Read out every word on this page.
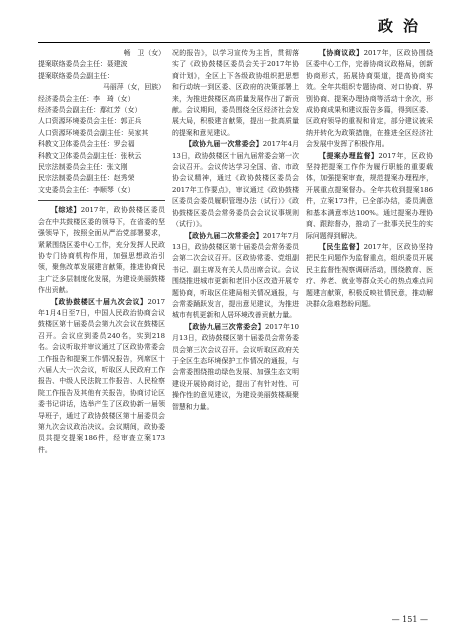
政治

畅　卫（女）

提案联络委员会主任：聂建波

提案联络委员会副主任：

马丽萍（女，回族）

经济委员会主任：李　琦（女）

经济委员会副主任：鄢红芳（女）

人口资源环境委员会主任：郭正兵

人口资源环境委员会副主任：吴家其

科教文卫体委员会主任：罗会福

科教文卫体委员会副主任：张秋云

民宗法制委员会主任：张文刚

民宗法制委员会副主任：赵秀荣

文史委员会主任：李顺琴（女）

【综述】2017年，政协鼓楼区委员会在中共鼓楼区委的领导下，在省委的坚强领导下，按照全面从严治党部署要求，紧紧围绕区委中心工作，充分发挥人民政协专门协商机构作用，加强思想政治引领，聚焦改革发展建言献策，推进协商民主广泛多层制度化发展，为建设美丽鼓楼作出贡献。

【政协鼓楼区十届九次会议】2017年1月4日至7日，中国人民政治协商会议鼓楼区第十届委员会第九次会议在鼓楼区召开。会议应到委员240名，实到218名。会议听取并审议通过了区政协常委会工作报告和提案工作情况报告，列席区十六届人大一次会议，听取区人民政府工作报告、中级人民法院工作报告、人民检察院工作报告及其他有关报告，协商讨论区委书记讲话，选举产生了区政协新一届领导班子，通过了政协鼓楼区第十届委员会第九次会议政治决议。会议期间，政协委员共提交提案186件，经审查立案173件。

况的报告》，以学习宣传为主旨，贯彻落实了《政协鼓楼区委员会关于2017年协商计划》，全区上下各级政协组织把思想和行动统一到区委、区政府的决策部署上来，为推进鼓楼区高质量发展作出了新贡献。会议期间，委员围绕全区经济社会发展大局，积极建言献策，提出一批高质量的提案和意见建议。

【政协九届一次常委会】2017年4月13日，政协鼓楼区十届九届常委会第一次会议召开。会议传达学习全国、省、市政协会议精神，通过《政协鼓楼区委员会2017年工作要点》，审议通过《政协鼓楼区委员会委员履职管理办法（试行）》《政协鼓楼区委员会常务委员会会议议事规则（试行）》。

【政协九届二次常委会】2017年7月13日，政协鼓楼区第十届委员会常务委员会第二次会议召开。区政协常委、党组副书记、副主席及有关人员出席会议。会议围绕推进城市更新和老旧小区改造开展专题协商，听取区住建局相关情况通报，与会常委踊跃发言，提出意见建议，为推进城市有机更新和人居环境改善贡献力量。

【政协九届三次常委会】2017年10月13日，政协鼓楼区第十届委员会常务委员会第三次会议召开。会议听取区政府关于全区生态环境保护工作情况的通报，与会常委围绕推动绿色发展、加强生态文明建设开展协商讨论，提出了有针对性、可操作性的意见建议，为建设美丽鼓楼凝聚智慧和力量。

【协商议政】2017年，区政协围绕区委中心工作，完善协商议政格局，创新协商形式，拓展协商渠道，提高协商实效。全年共组织专题协商、对口协商、界别协商、提案办理协商等活动十余次，形成协商成果和建议报告多篇，得到区委、区政府领导的重视和肯定，部分建议被采纳并转化为政策措施，在推进全区经济社会发展中发挥了积极作用。

【提案办理监督】2017年，区政协坚持把提案工作作为履行职能的重要载体，加强提案审查，规范提案办理程序，开展重点提案督办。全年共收到提案186件，立案173件，已全部办结，委员满意和基本满意率达100%。通过提案办理协商、跟踪督办，推动了一批事关民生的实际问题得到解决。

【民生监督】2017年，区政协坚持把民生问题作为监督重点，组织委员开展民主监督性视察调研活动，围绕教育、医疗、养老、就业等群众关心的热点难点问题建言献策，积极反映社情民意，推动解决群众急难愁盼问题。

— 151 —
